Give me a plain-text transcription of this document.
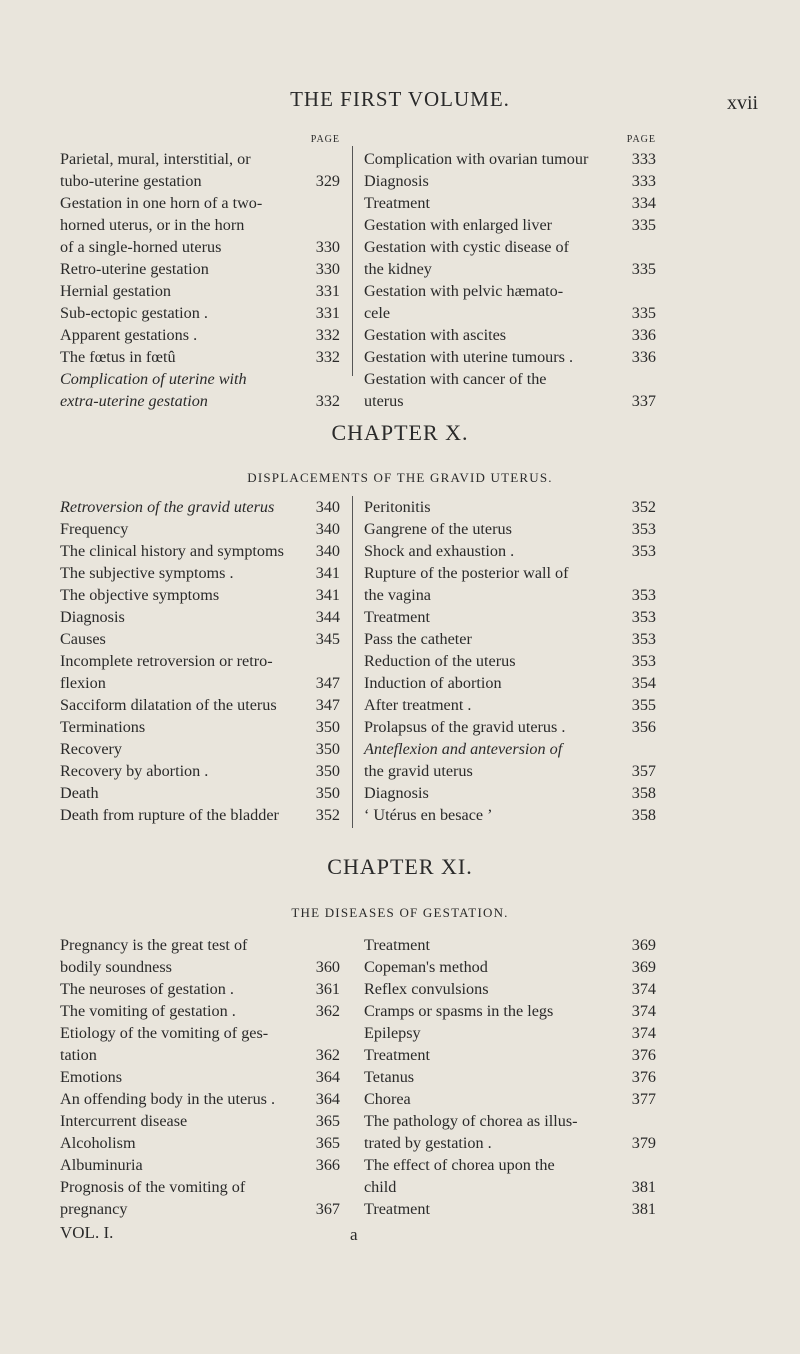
THE FIRST VOLUME.	xvii
PAGE
Parietal, mural, interstitial, or
tubo-uterine gestation	329
Gestation in one horn of a two-
horned uterus, or in the horn
of a single-horned uterus	330
Retro-uterine gestation	330
Hernial gestation	331
Sub-ectopic gestation .	331
Apparent gestations .	332
The fœtus in fœtû	332
Complication of uterine with
extra-uterine gestation	332
PAGE
Complication with ovarian tumour	333
Diagnosis	333
Treatment	334
Gestation with enlarged liver	335
Gestation with cystic disease of
the kidney	335
Gestation with pelvic hæmato-
cele	335
Gestation with ascites	336
Gestation with uterine tumours .	336
Gestation with cancer of the
uterus	337
CHAPTER X.
DISPLACEMENTS OF THE GRAVID UTERUS.
Retroversion of the gravid uterus	340
Frequency	340
The clinical history and symptoms 340
The subjective symptoms .	341
The objective symptoms	341
Diagnosis	344
Causes	345
Incomplete retroversion or retro-
flexion	347
Sacciform dilatation of the uterus 347
Terminations	350
Recovery	350
Recovery by abortion .	350
Death	350
Death from rupture of the bladder 352
Peritonitis	352
Gangrene of the uterus	353
Shock and exhaustion .	353
Rupture of the posterior wall of
the vagina	353
Treatment	353
Pass the catheter	353
Reduction of the uterus	353
Induction of abortion	354
After treatment .	355
Prolapsus of the gravid uterus .	356
Anteflexion and anteversion of
the gravid uterus	357
Diagnosis	358
‘ Utérus en besace ’	358
CHAPTER XI.
THE DISEASES OF GESTATION.
Pregnancy is the great test of
bodily soundness	360
The neuroses of gestation .	361
The vomiting of gestation .	362
Etiology of the vomiting of ges-
tation	362
Emotions	364
An offending body in the uterus .	364
Intercurrent disease	365
Alcoholism	365
Albuminuria	366
Prognosis of the vomiting of
pregnancy	367
Treatment	369
Copeman's method	369
Reflex convulsions	374
Cramps or spasms in the legs	374
Epilepsy	374
Treatment	376
Tetanus	376
Chorea	377
The pathology of chorea as illus-
trated by gestation .	379
The effect of chorea upon the
child	381
Treatment	381
VOL. I.	a
